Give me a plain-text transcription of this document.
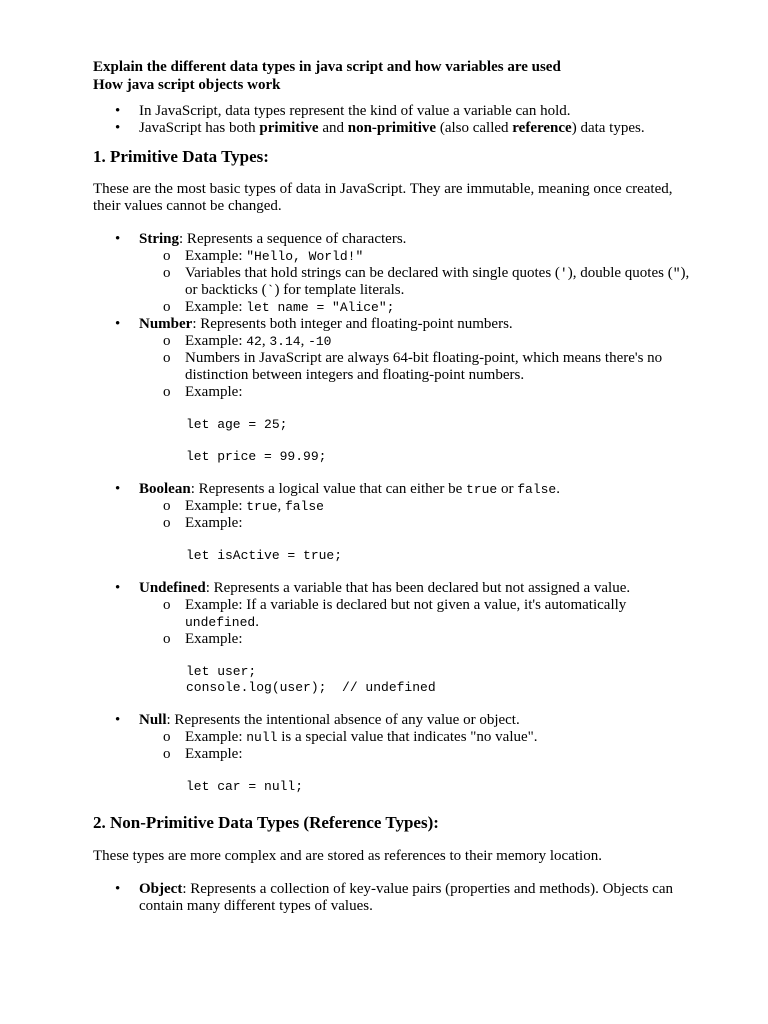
Explain the different data types in java script and how variables are used

How java script objects work

• In JavaScript, data types represent the kind of value a variable can hold.
• JavaScript has both primitive and non-primitive (also called reference) data types.
1. Primitive Data Types:

These are the most basic types of data in JavaScript. They are immutable, meaning once created, their values cannot be changed.

• String: Represents a sequence of characters.
o Example: "Hello, World!"
o Variables that hold strings can be declared with single quotes ('), double quotes ("), or backticks (`) for template literals.
o Example: let name = "Alice";
• Number: Represents both integer and floating-point numbers.
o Example: 42, 3.14, -10
o Numbers in JavaScript are always 64-bit floating-point, which means there's no distinction between integers and floating-point numbers.
o Example:
let age = 25;
let price = 99.99;
• Boolean: Represents a logical value that can either be true or false.
o Example: true, false
o Example:
let isActive = true;
• Undefined: Represents a variable that has been declared but not assigned a value.
o Example: If a variable is declared but not given a value, it's automatically undefined.
o Example:
let user;
console.log(user);  // undefined
• Null: Represents the intentional absence of any value or object.
o Example: null is a special value that indicates "no value".
o Example:
let car = null;
2. Non-Primitive Data Types (Reference Types):

These types are more complex and are stored as references to their memory location.

• Object: Represents a collection of key-value pairs (properties and methods). Objects can contain many different types of values.
